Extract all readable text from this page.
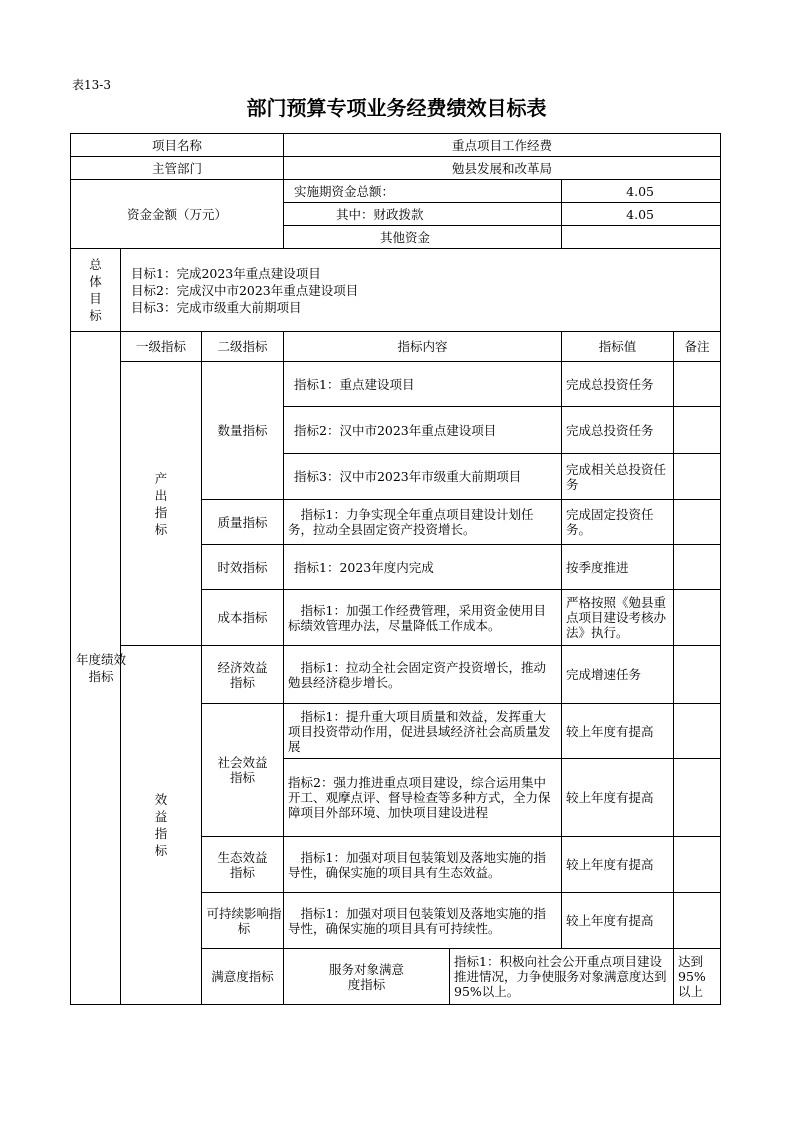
表13-3
部门预算专项业务经费绩效目标表
项目名称			重点项目工作经费				
主管部门			勉县发展和改革局				
资金金额（万元）			实施期资金总额：		4.05		
			其中：财政拨款		4.05		
			其他资金				

总体目标	目标1：完成2023年重点建设项目
目标2：完成汉中市2023年重点建设项目
目标3：完成市级重大前期项目						

年度绩效指标	一级指标	二级指标	指标内容		指标值	备注	

	产出指标	数量指标	指标1：重点建设项目		完成总投资任务		
			指标2：汉中市2023年重点建设项目		完成总投资任务		
			指标3：汉中市2023年市级重大前期项目		完成相关总投资任务		
		质量指标	指标1：力争实现全年重点项目建设计划任务，拉动全县固定资产投资增长。		完成固定投资任务。		
		时效指标	指标1：2023年度内完成		按季度推进		
		成本指标	指标1：加强工作经费管理，采用资金使用目标绩效管理办法，尽量降低工作成本。		严格按照《勉县重点项目建设考核办法》执行。		

	效益指标	经济效益指标	指标1：拉动全社会固定资产投资增长，推动勉县经济稳步增长。		完成增速任务		

		社会效益指标	指标1：提升重大项目质量和效益，发挥重大项目投资带动作用，促进县域经济社会高质量发展		较上年度有提高		
			指标2：强力推进重点项目建设，综合运用集中开工、观摩点评、督导检查等多种方式，全力保障项目外部环境、加快项目建设进程		较上年度有提高		

		生态效益指标	指标1：加强对项目包装策划及落地实施的指导性，确保实施的项目具有生态效益。		较上年度有提高		

		可持续影响指标	指标1：加强对项目包装策划及落地实施的指导性，确保实施的项目具有可持续性。		较上年度有提高		
		满意度指标	服务对象满意度指标	指标1：积极向社会公开重点项目建设推进情况，力争使服务对象满意度达到95%以上。		达到95%以上	
